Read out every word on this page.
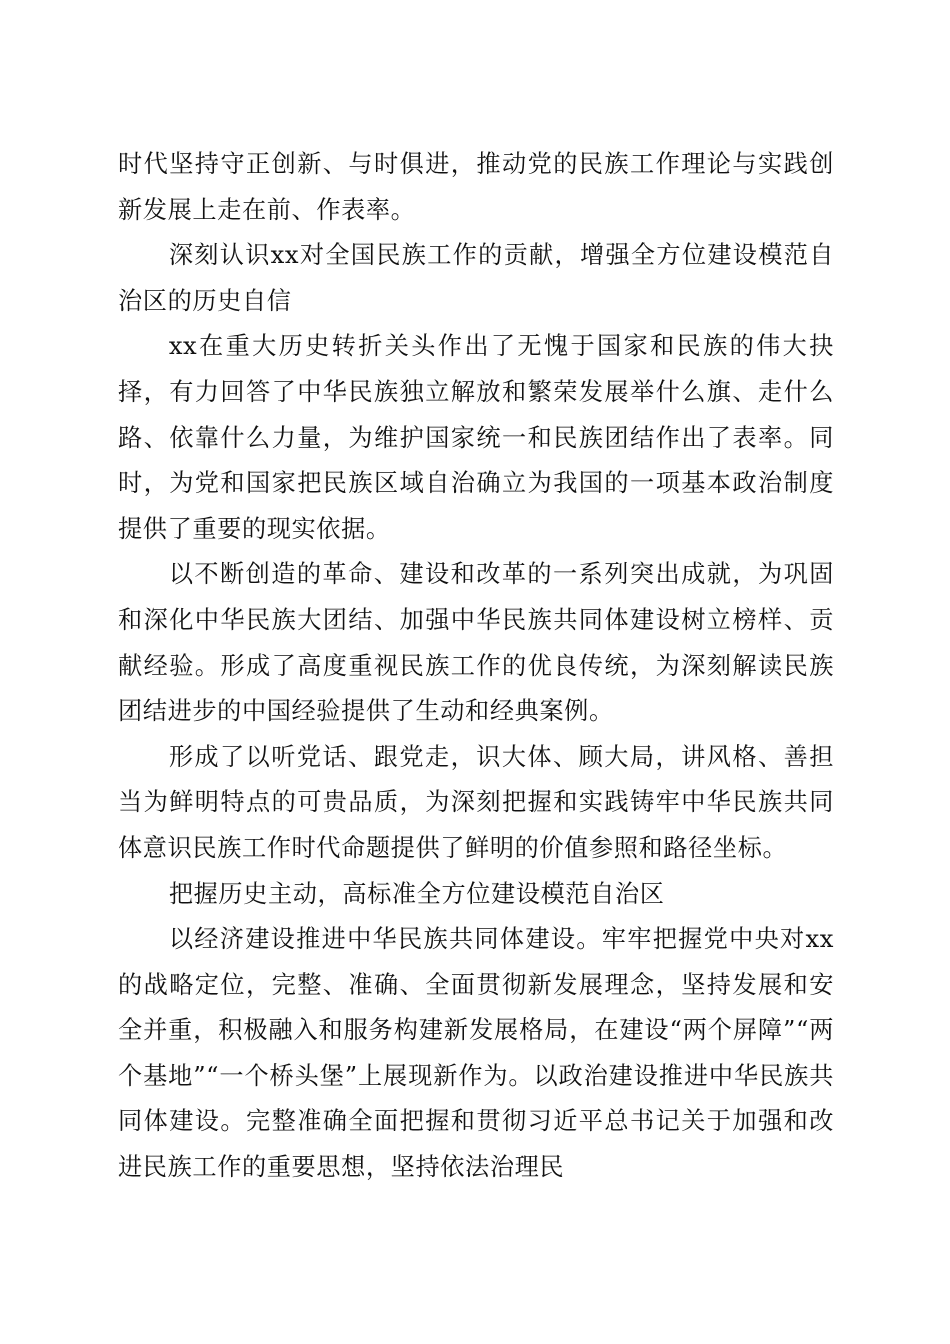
时代坚持守正创新、与时俱进，推动党的民族工作理论与实践创新发展上走在前、作表率。

深刻认识xx对全国民族工作的贡献，增强全方位建设模范自治区的历史自信

xx在重大历史转折关头作出了无愧于国家和民族的伟大抉择，有力回答了中华民族独立解放和繁荣发展举什么旗、走什么路、依靠什么力量，为维护国家统一和民族团结作出了表率。同时，为党和国家把民族区域自治确立为我国的一项基本政治制度提供了重要的现实依据。

以不断创造的革命、建设和改革的一系列突出成就，为巩固和深化中华民族大团结、加强中华民族共同体建设树立榜样、贡献经验。形成了高度重视民族工作的优良传统，为深刻解读民族团结进步的中国经验提供了生动和经典案例。

形成了以听党话、跟党走，识大体、顾大局，讲风格、善担当为鲜明特点的可贵品质，为深刻把握和实践铸牢中华民族共同体意识民族工作时代命题提供了鲜明的价值参照和路径坐标。

把握历史主动，高标准全方位建设模范自治区

以经济建设推进中华民族共同体建设。牢牢把握党中央对xx的战略定位，完整、准确、全面贯彻新发展理念，坚持发展和安全并重，积极融入和服务构建新发展格局，在建设“两个屏障”“两个基地”“一个桥头堡”上展现新作为。以政治建设推进中华民族共同体建设。完整准确全面把握和贯彻习近平总书记关于加强和改进民族工作的重要思想，坚持依法治理民
